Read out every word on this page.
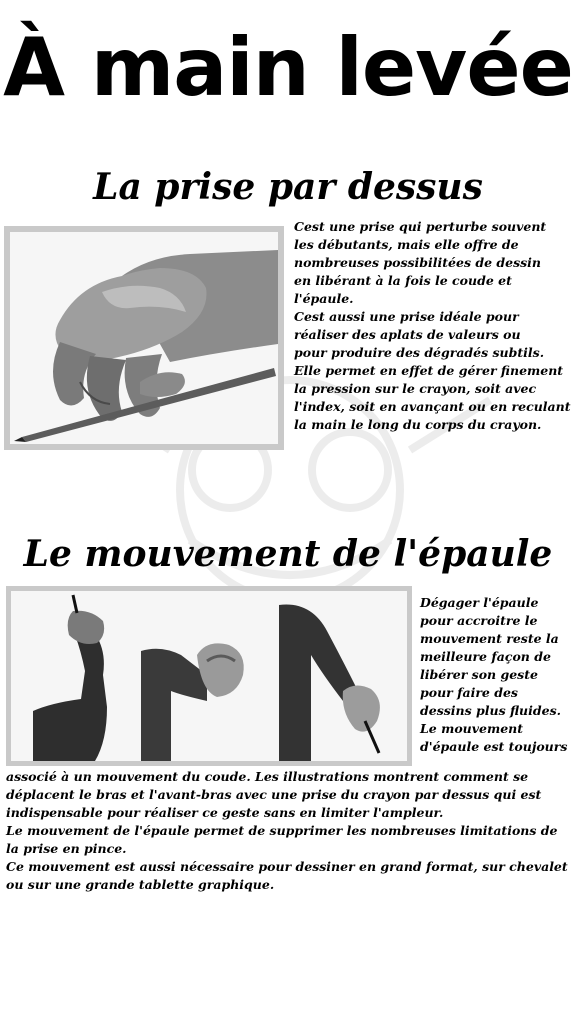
À main levée
La prise par dessus

Cest une prise qui perturbe souvent
les débutants, mais elle offre de
nombreuses possibilitées de dessin
en libérant à la fois le coude et
l'épaule.
Cest aussi une prise idéale pour
réaliser des aplats de valeurs ou
pour produire des dégradés subtils.
Elle permet en effet de gérer finement
la pression sur le crayon, soit avec
l'index, soit en avançant ou en reculant
la main le long du corps du crayon.

Le mouvement de l'épaule

Dégager l'épaule
pour accroitre le
mouvement reste la
meilleure façon de
libérer son geste
pour faire des
dessins plus fluides.
Le mouvement
d'épaule est toujours

associé à un mouvement du coude. Les illustrations montrent comment se
déplacent le bras et l'avant-bras avec une prise du crayon par dessus qui est
indispensable pour réaliser ce geste sans en limiter l'ampleur.
Le mouvement de l'épaule permet de supprimer les nombreuses limitations de
la prise en pince.
Ce mouvement est aussi nécessaire pour dessiner en grand format, sur chevalet
ou sur une grande tablette graphique.
